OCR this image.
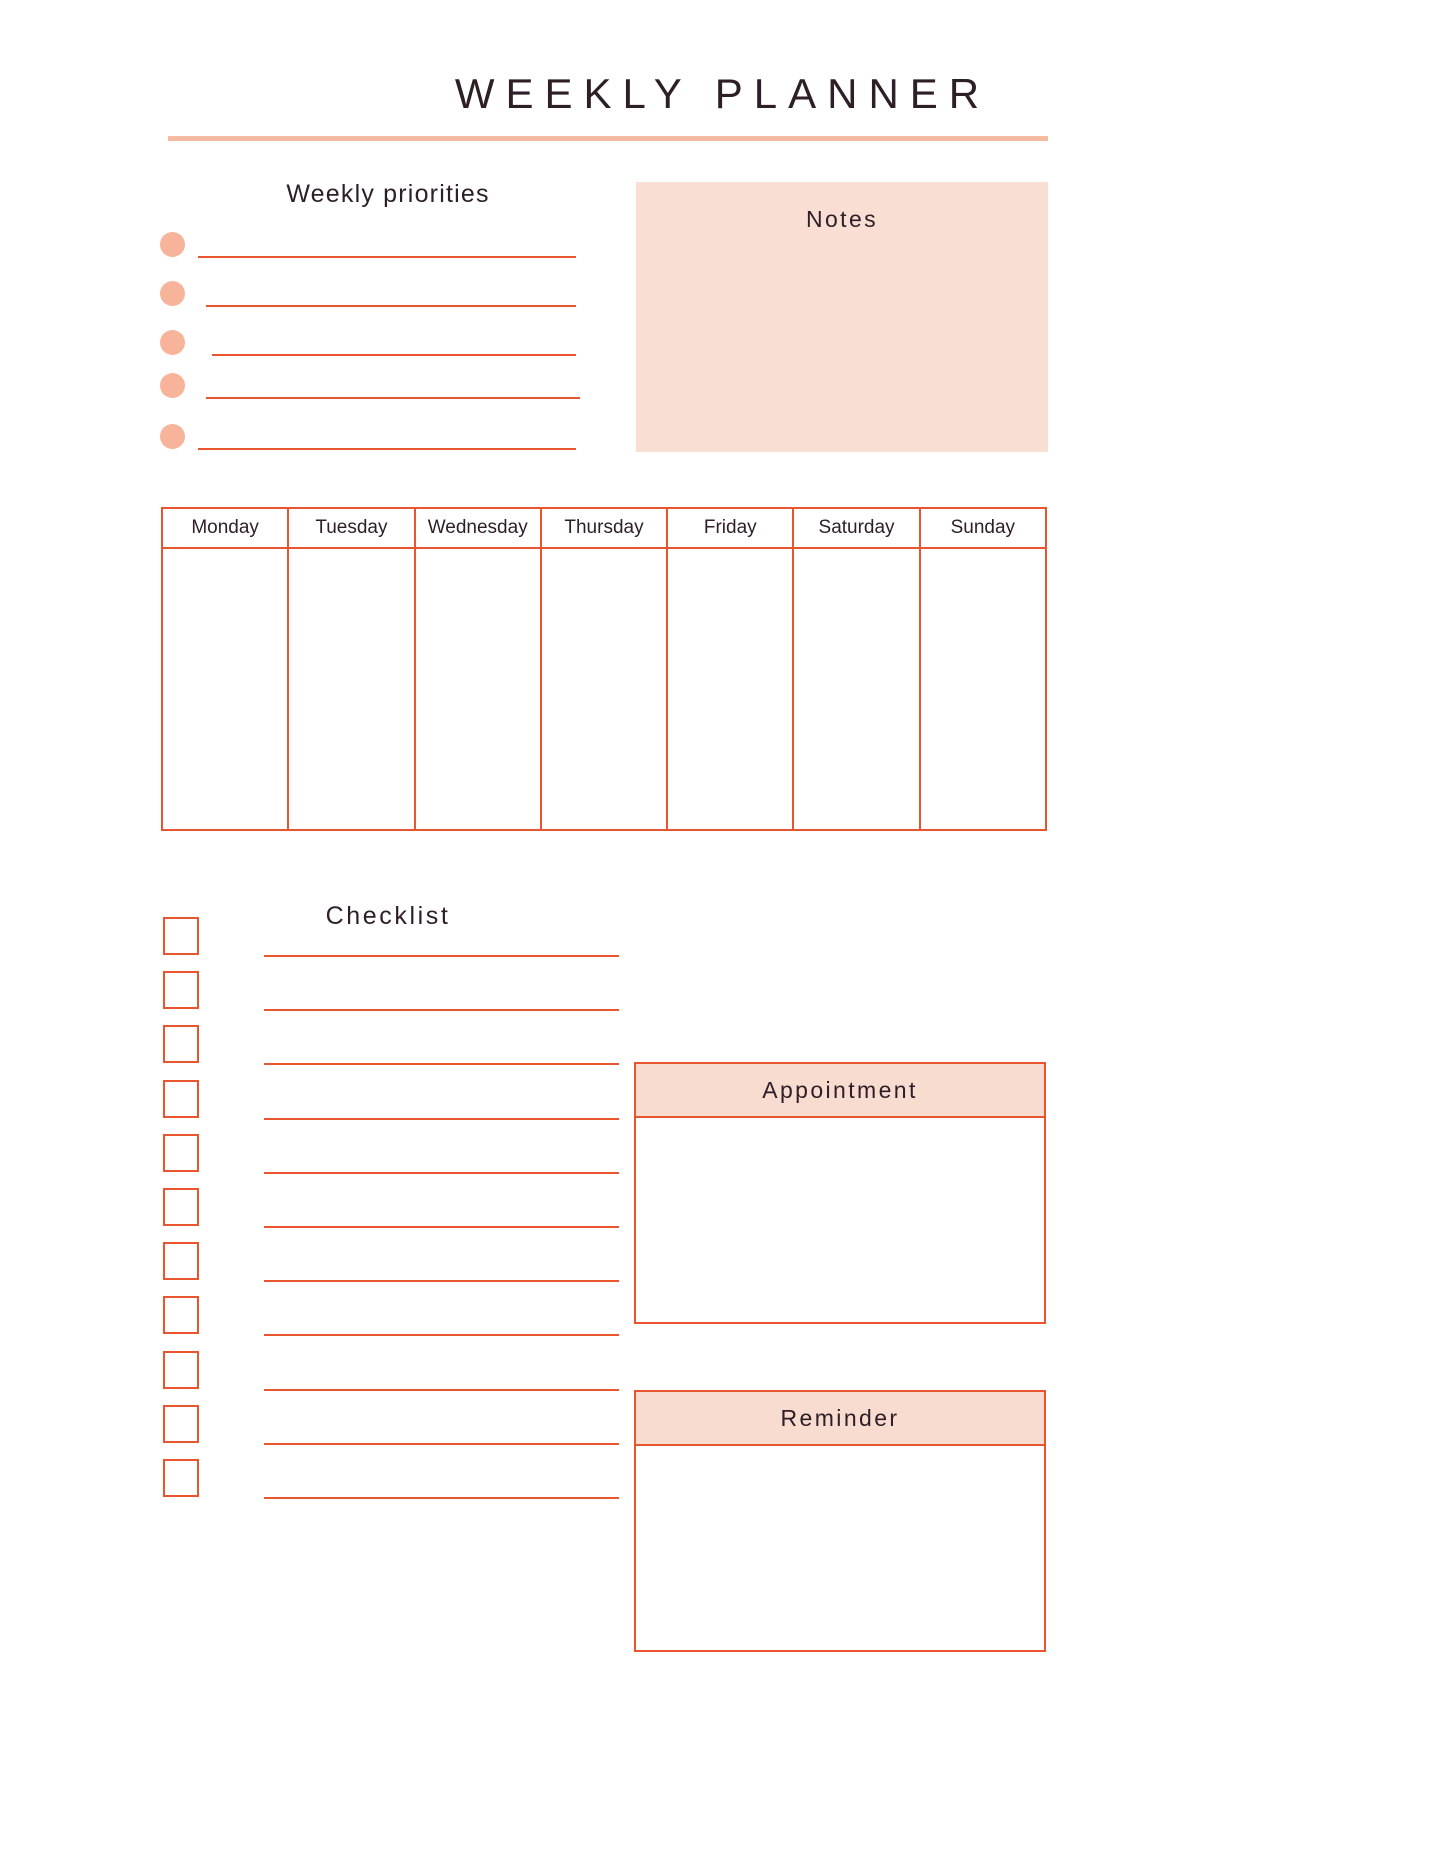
WEEKLY PLANNER
Weekly priorities
Notes
Monday	Tuesday	Wednesday	Thursday	Friday	Saturday	Sunday

Checklist
Appointment
Reminder
